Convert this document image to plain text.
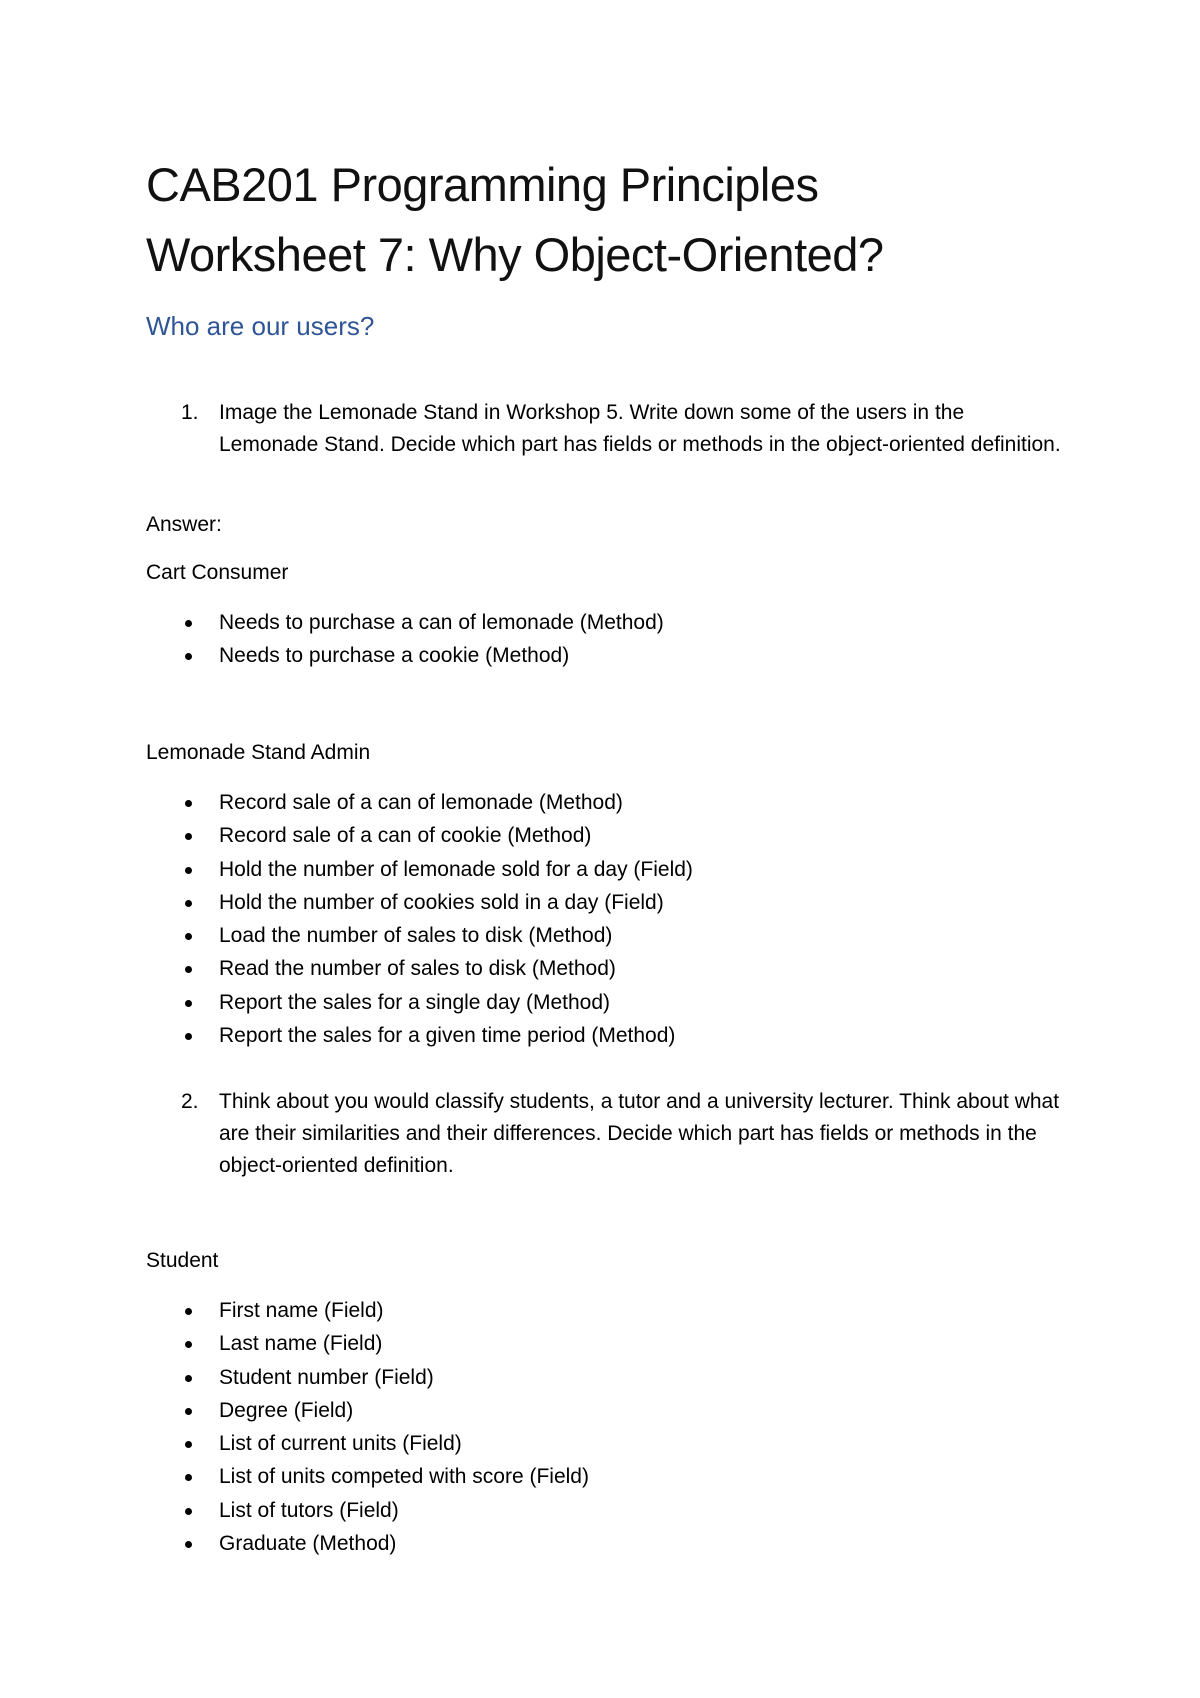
CAB201 Programming Principles
Worksheet 7: Why Object-Oriented?
Who are our users?
1. Image the Lemonade Stand in Workshop 5. Write down some of the users in the Lemonade Stand. Decide which part has fields or methods in the object-oriented definition.
Answer:
Cart Consumer
Needs to purchase a can of lemonade (Method)
Needs to purchase a cookie (Method)
Lemonade Stand Admin
Record sale of a can of lemonade (Method)
Record sale of a can of cookie (Method)
Hold the number of lemonade sold for a day (Field)
Hold the number of cookies sold in a day (Field)
Load the number of sales to disk (Method)
Read the number of sales to disk (Method)
Report the sales for a single day (Method)
Report the sales for a given time period (Method)
2. Think about you would classify students, a tutor and a university lecturer. Think about what are their similarities and their differences. Decide which part has fields or methods in the object-oriented definition.
Student
First name (Field)
Last name (Field)
Student number (Field)
Degree (Field)
List of current units (Field)
List of units competed with score (Field)
List of tutors (Field)
Graduate (Method)
